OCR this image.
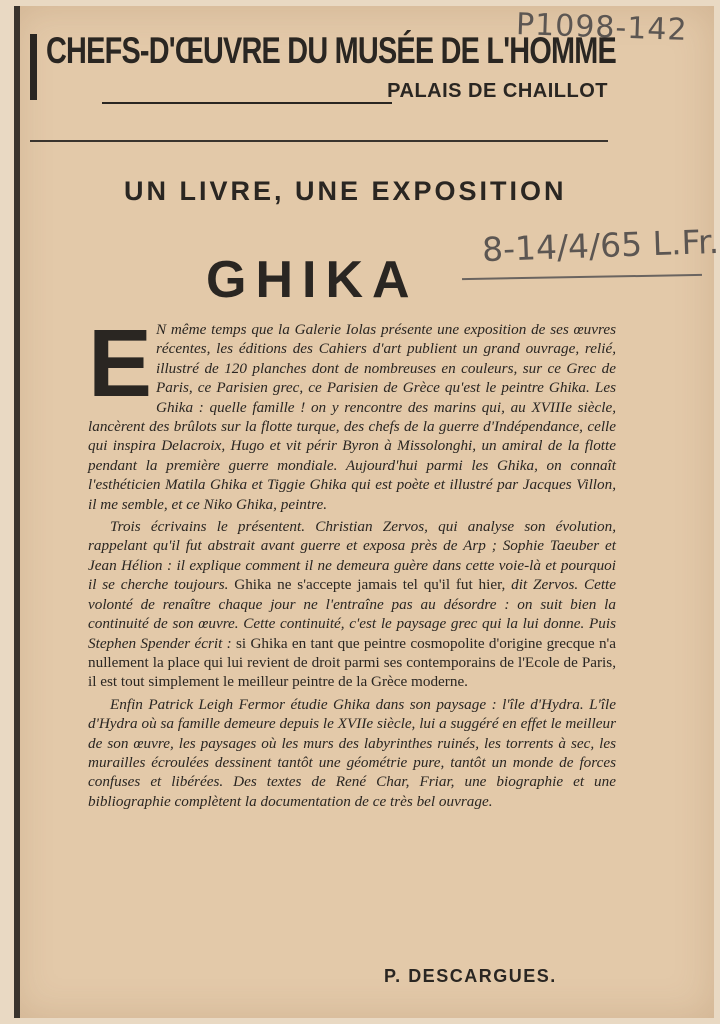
CHEFS-D'ŒUVRE DU MUSÉE DE L'HOMME
PALAIS DE CHAILLOT
P1098-142
UN LIVRE, UNE EXPOSITION
8-14/4/65 L.Fr.
GHIKA

E N même temps que la Galerie Iolas présente une exposition de ses œuvres récentes, les éditions des Cahiers d'art publient un grand ouvrage, relié, illustré de 120 planches dont de nombreuses en couleurs, sur ce Grec de Paris, ce Parisien grec, ce Parisien de Grèce qu'est le peintre Ghika. Les Ghika : quelle famille ! on y rencontre des marins qui, au XVIIIe siècle, lancèrent des brûlots sur la flotte turque, des chefs de la guerre d'Indépendance, celle qui inspira Delacroix, Hugo et vit périr Byron à Missolonghi, un amiral de la flotte pendant la première guerre mondiale. Aujourd'hui parmi les Ghika, on connaît l'esthéticien Matila Ghika et Tiggie Ghika qui est poète et illustré par Jacques Villon, il me semble, et ce Niko Ghika, peintre.

Trois écrivains le présentent. Christian Zervos, qui analyse son évolution, rappelant qu'il fut abstrait avant guerre et exposa près de Arp ; Sophie Taeuber et Jean Hélion : il explique comment il ne demeura guère dans cette voie-là et pourquoi il se cherche toujours. Ghika ne s'accepte jamais tel qu'il fut hier, dit Zervos. Cette volonté de renaître chaque jour ne l'entraîne pas au désordre : on suit bien la continuité de son œuvre. Cette continuité, c'est le paysage grec qui la lui donne. Puis Stephen Spender écrit : si Ghika en tant que peintre cosmopolite d'origine grecque n'a nullement la place qui lui revient de droit parmi ses contemporains de l'Ecole de Paris, il est tout simplement le meilleur peintre de la Grèce moderne.

Enfin Patrick Leigh Fermor étudie Ghika dans son paysage : l'île d'Hydra. L'île d'Hydra où sa famille demeure depuis le XVIIe siècle, lui a suggéré en effet le meilleur de son œuvre, les paysages où les murs des labyrinthes ruinés, les torrents à sec, les murailles écroulées dessinent tantôt une géométrie pure, tantôt un monde de forces confuses et libérées. Des textes de René Char, Friar, une biographie et une bibliographie complètent la documentation de ce très bel ouvrage.

P. DESCARGUES.
